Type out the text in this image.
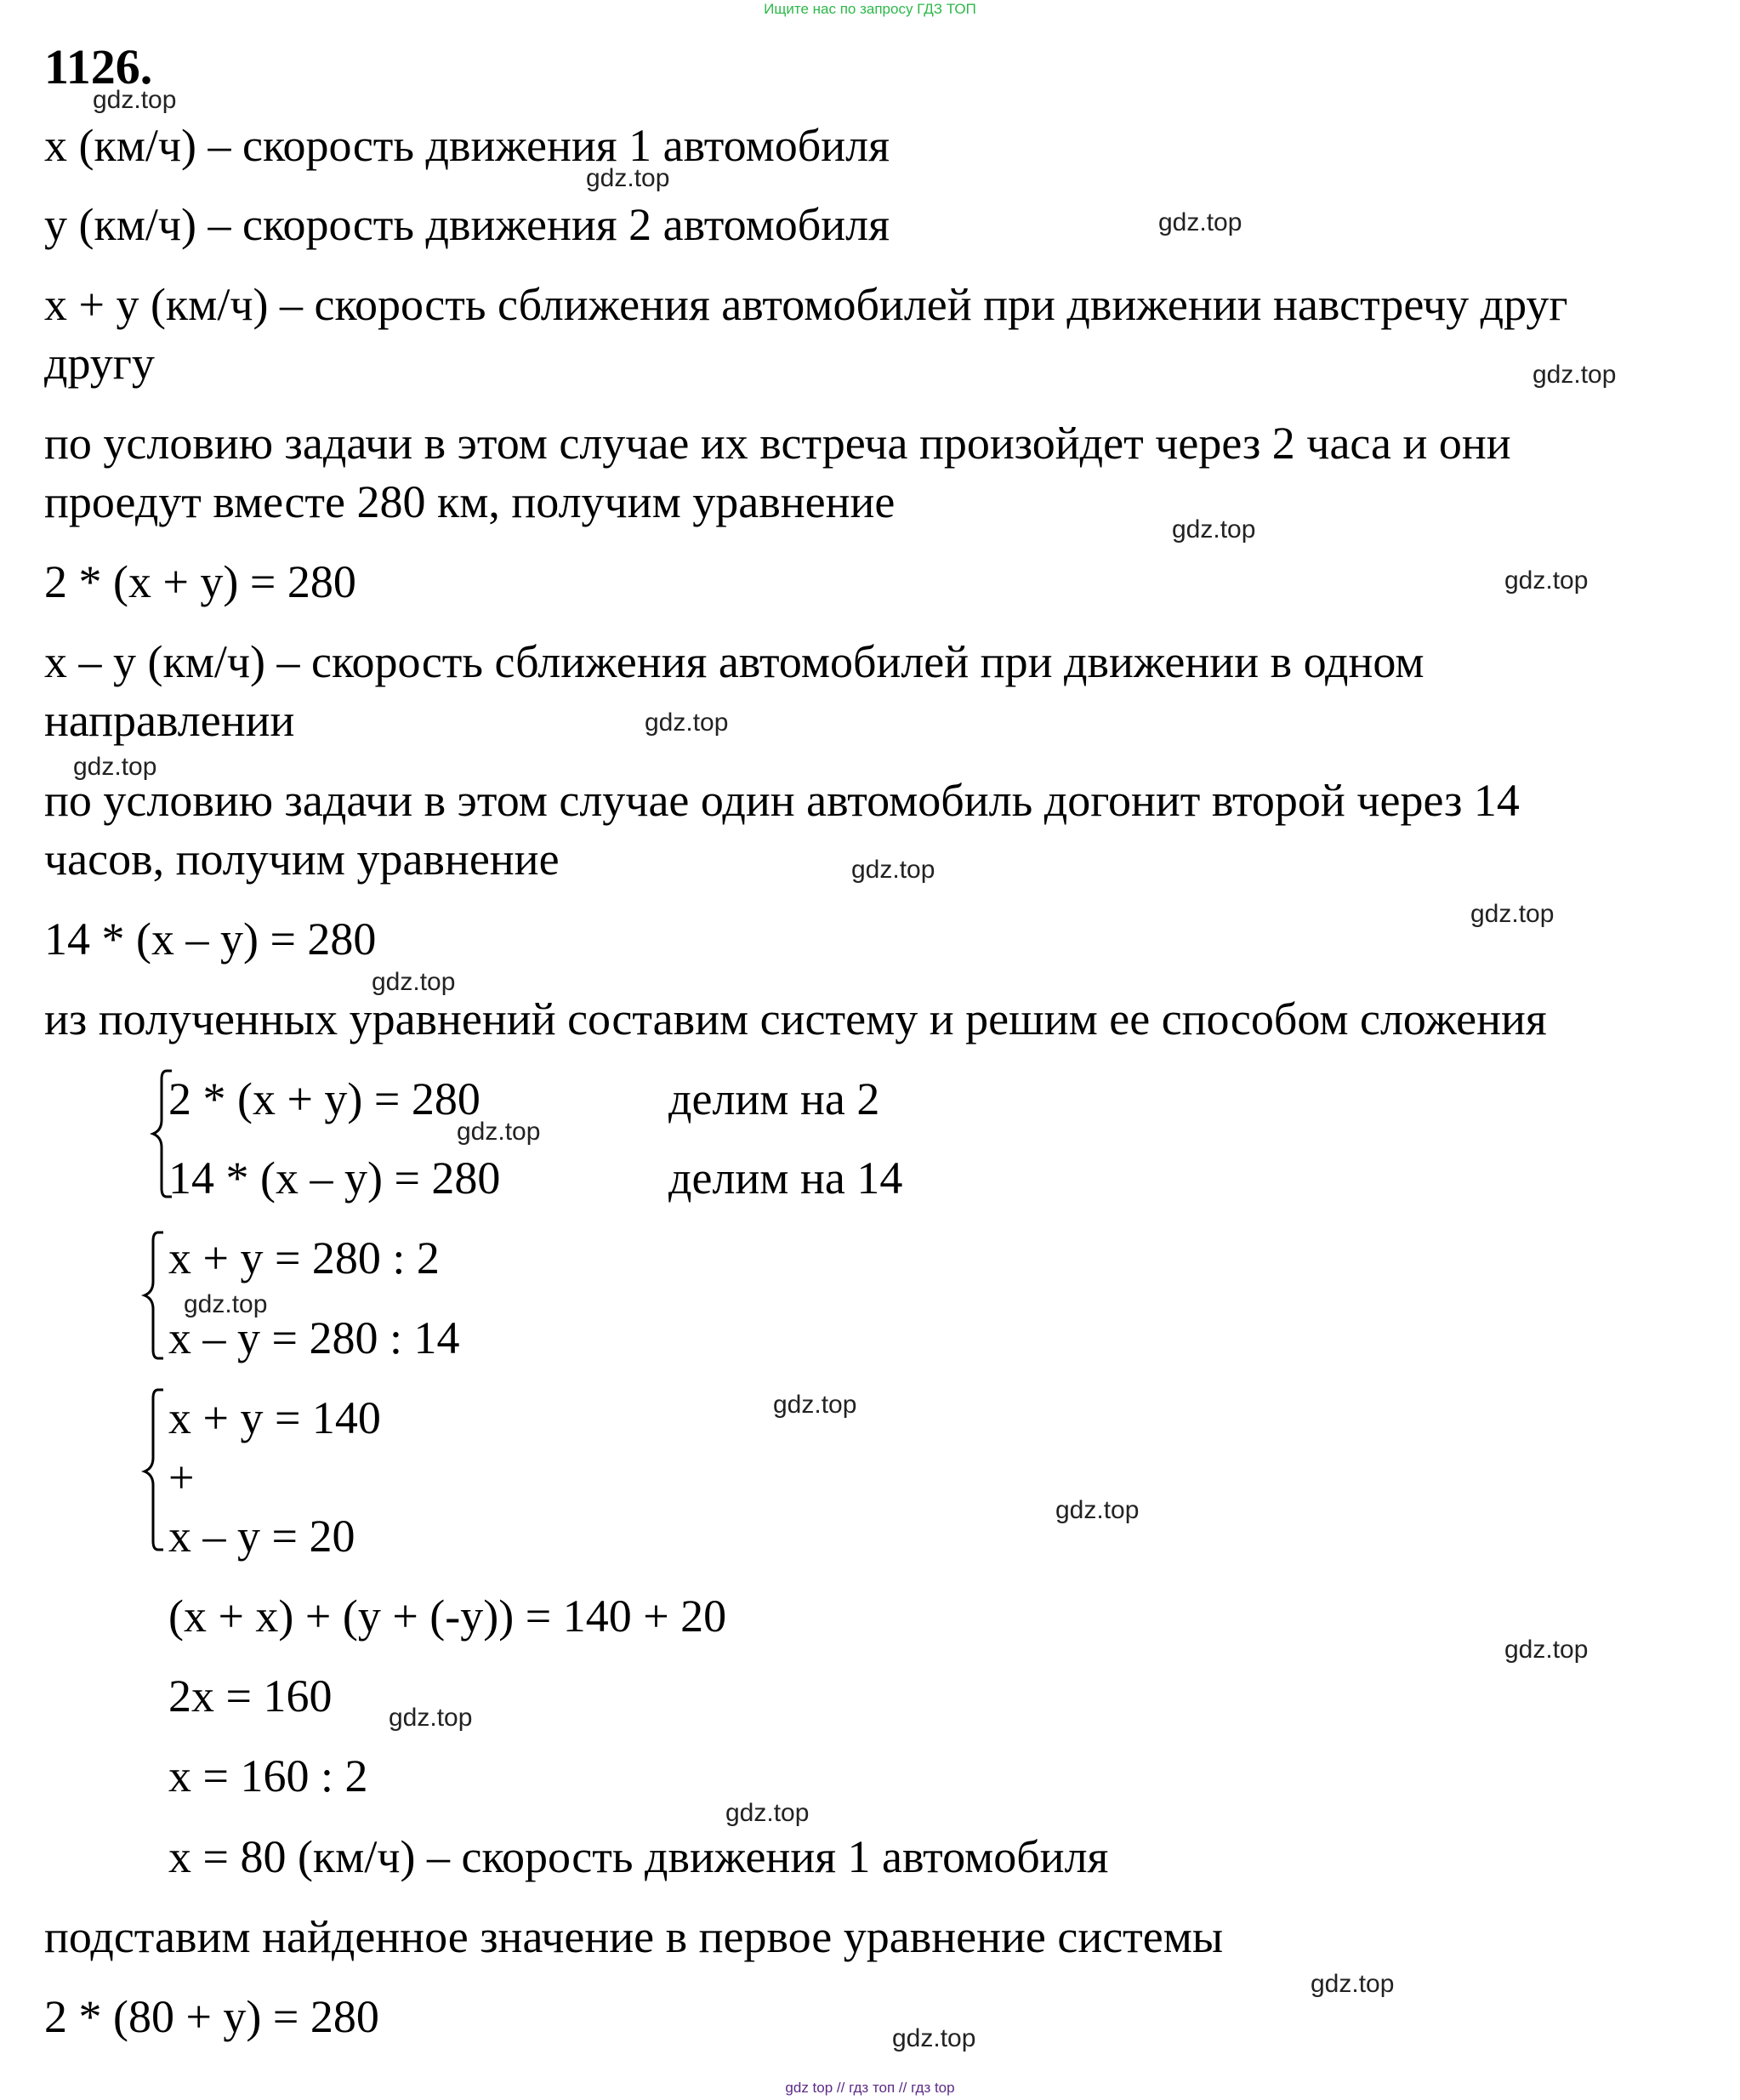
Ищите нас по запросу ГДЗ ТОП
1126.
x (км/ч) – скорость движения 1 автомобиля
y (км/ч) – скорость движения 2 автомобиля
x + y (км/ч) – скорость сближения автомобилей при движении навстречу друг
другу
по условию задачи в этом случае их встреча произойдет через 2 часа и они
проедут вместе 280 км, получим уравнение
2 * (x + y) = 280
x – y (км/ч) – скорость сближения автомобилей при движении в одном
направлении
по условию задачи в этом случае один автомобиль догонит второй через 14
часов, получим уравнение
14 * (x – y) = 280
из полученных уравнений составим систему и решим ее способом сложения
2 * (x + y) = 280	делим на 2
14 * (x – y) = 280	делим на 14
x + y = 280 : 2
x – y = 280 : 14
x + y = 140
+
x – y = 20
(x + x) + (y + (-y)) = 140 + 20
2x = 160
x = 160 : 2
x = 80 (км/ч) – скорость движения 1 автомобиля
подставим найденное значение в первое уравнение системы
2 * (80 + y) = 280
gdz.top
gdz.top
gdz.top
gdz.top
gdz.top
gdz.top
gdz.top
gdz.top
gdz.top
gdz.top
gdz.top
gdz.top
gdz.top
gdz.top
gdz.top
gdz.top
gdz.top
gdz.top
gdz.top
gdz.top
gdz top // гдз топ // гдз top
